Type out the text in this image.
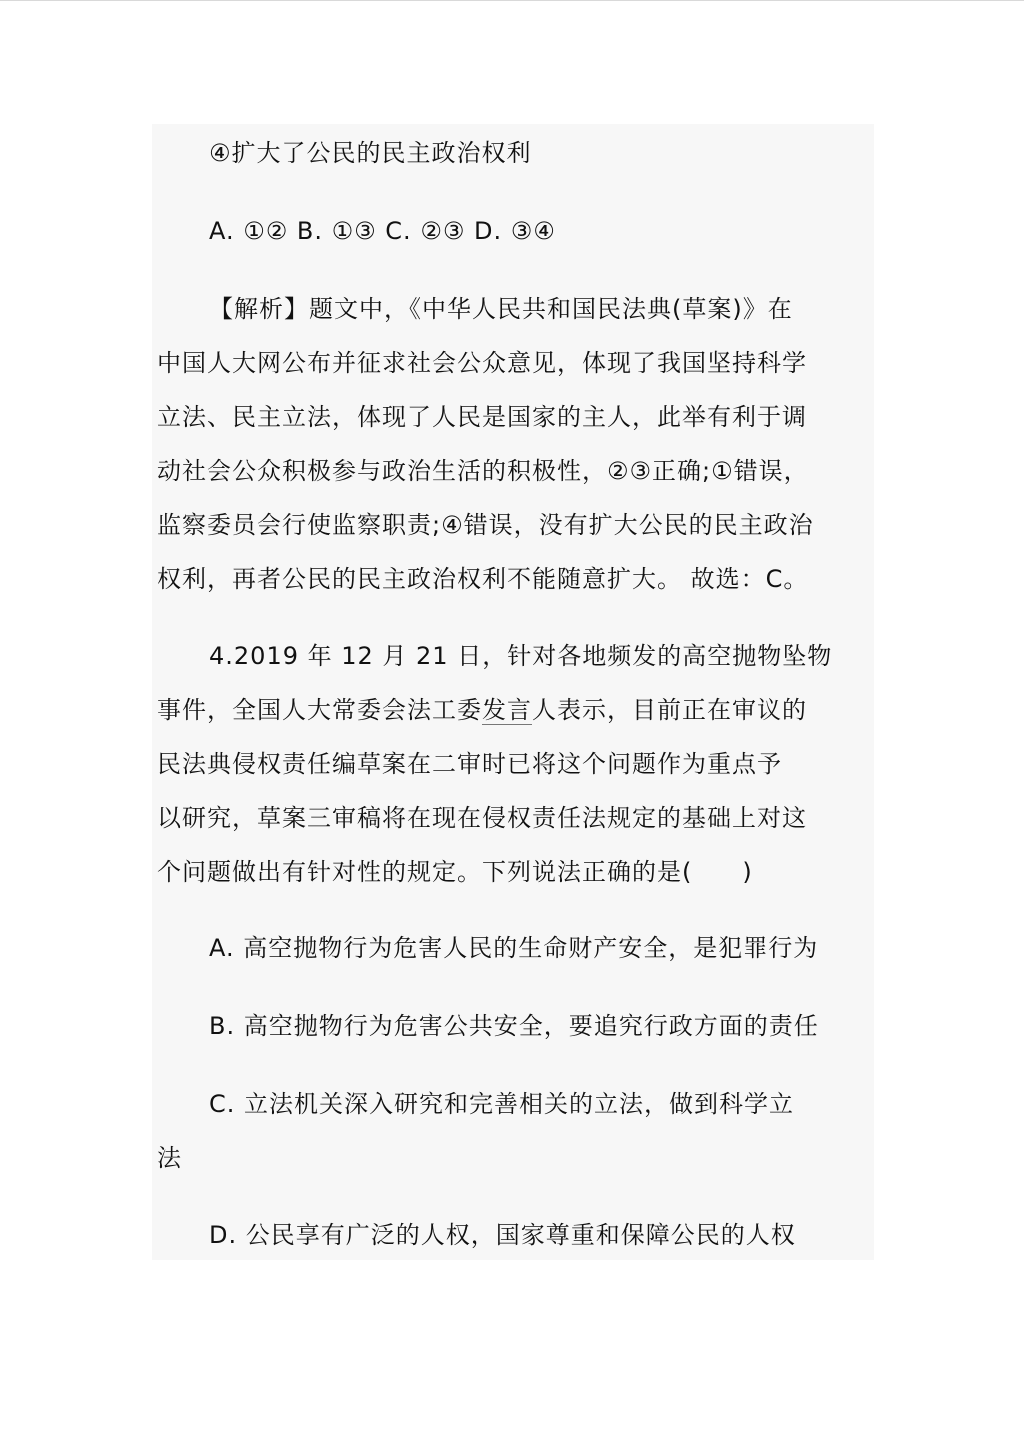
④扩大了公民的民主政治权利
A. ①② B. ①③ C. ②③ D. ③④
【解析】题文中，《中华人民共和国民法典(草案)》在
中国人大网公布并征求社会公众意见，体现了我国坚持科学
立法、民主立法，体现了人民是国家的主人，此举有利于调
动社会公众积极参与政治生活的积极性，②③正确;①错误，
监察委员会行使监察职责;④错误，没有扩大公民的民主政治
权利，再者公民的民主政治权利不能随意扩大。 故选：C。
4.2019 年 12 月 21 日，针对各地频发的高空抛物坠物
事件，全国人大常委会法工委发言人表示，目前正在审议的
民法典侵权责任编草案在二审时已将这个问题作为重点予
以研究，草案三审稿将在现在侵权责任法规定的基础上对这
个问题做出有针对性的规定。下列说法正确的是(　　)
A. 高空抛物行为危害人民的生命财产安全，是犯罪行为
B. 高空抛物行为危害公共安全，要追究行政方面的责任
C. 立法机关深入研究和完善相关的立法，做到科学立
法
D. 公民享有广泛的人权，国家尊重和保障公民的人权
